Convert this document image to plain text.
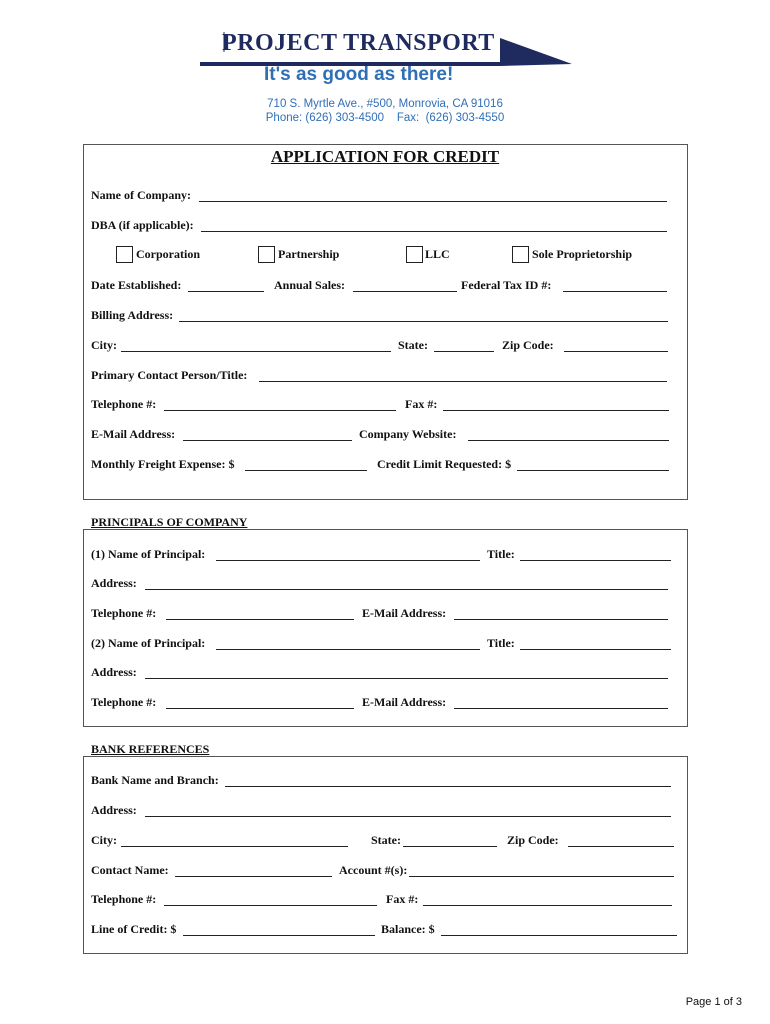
PROJECT TRANSPORT
It's as good as there!
710 S. Myrtle Ave., #500, Monrovia, CA 91016
Phone: (626) 303-4500    Fax:  (626) 303-4550
APPLICATION FOR CREDIT
Name of Company:
DBA (if applicable):
Corporation	Partnership	LLC	Sole Proprietorship
Date Established:	Annual Sales:	Federal Tax ID #:
Billing Address:
City:	State:	Zip Code:
Primary Contact Person/Title:
Telephone #:	Fax #:
E-Mail Address:	Company Website:
Monthly Freight Expense: $	Credit Limit Requested: $
PRINCIPALS OF COMPANY
(1) Name of Principal:	Title:
Address:
Telephone #:	E-Mail Address:
(2) Name of Principal:	Title:
Address:
Telephone #:	E-Mail Address:
BANK REFERENCES
Bank Name and Branch:
Address:
City:	State:	Zip Code:
Contact Name:	Account #(s):
Telephone #:	Fax #:
Line of Credit: $	Balance: $
Page 1 of 3
